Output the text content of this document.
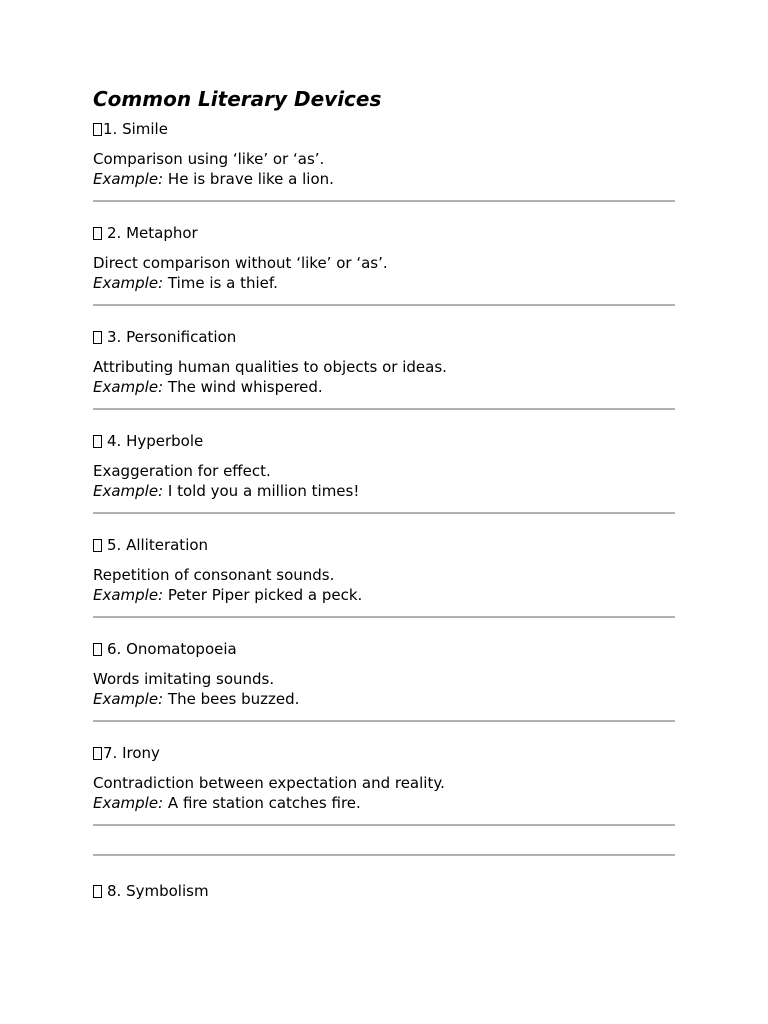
Common Literary Devices
1. Simile
Comparison using ‘like’ or ‘as’.
Example: He is brave like a lion.
2. Metaphor
Direct comparison without ‘like’ or ‘as’.
Example: Time is a thief.
3. Personification
Attributing human qualities to objects or ideas.
Example: The wind whispered.
4. Hyperbole
Exaggeration for effect.
Example: I told you a million times!
5. Alliteration
Repetition of consonant sounds.
Example: Peter Piper picked a peck.
6. Onomatopoeia
Words imitating sounds.
Example: The bees buzzed.
7. Irony
Contradiction between expectation and reality.
Example: A fire station catches fire.
8. Symbolism
